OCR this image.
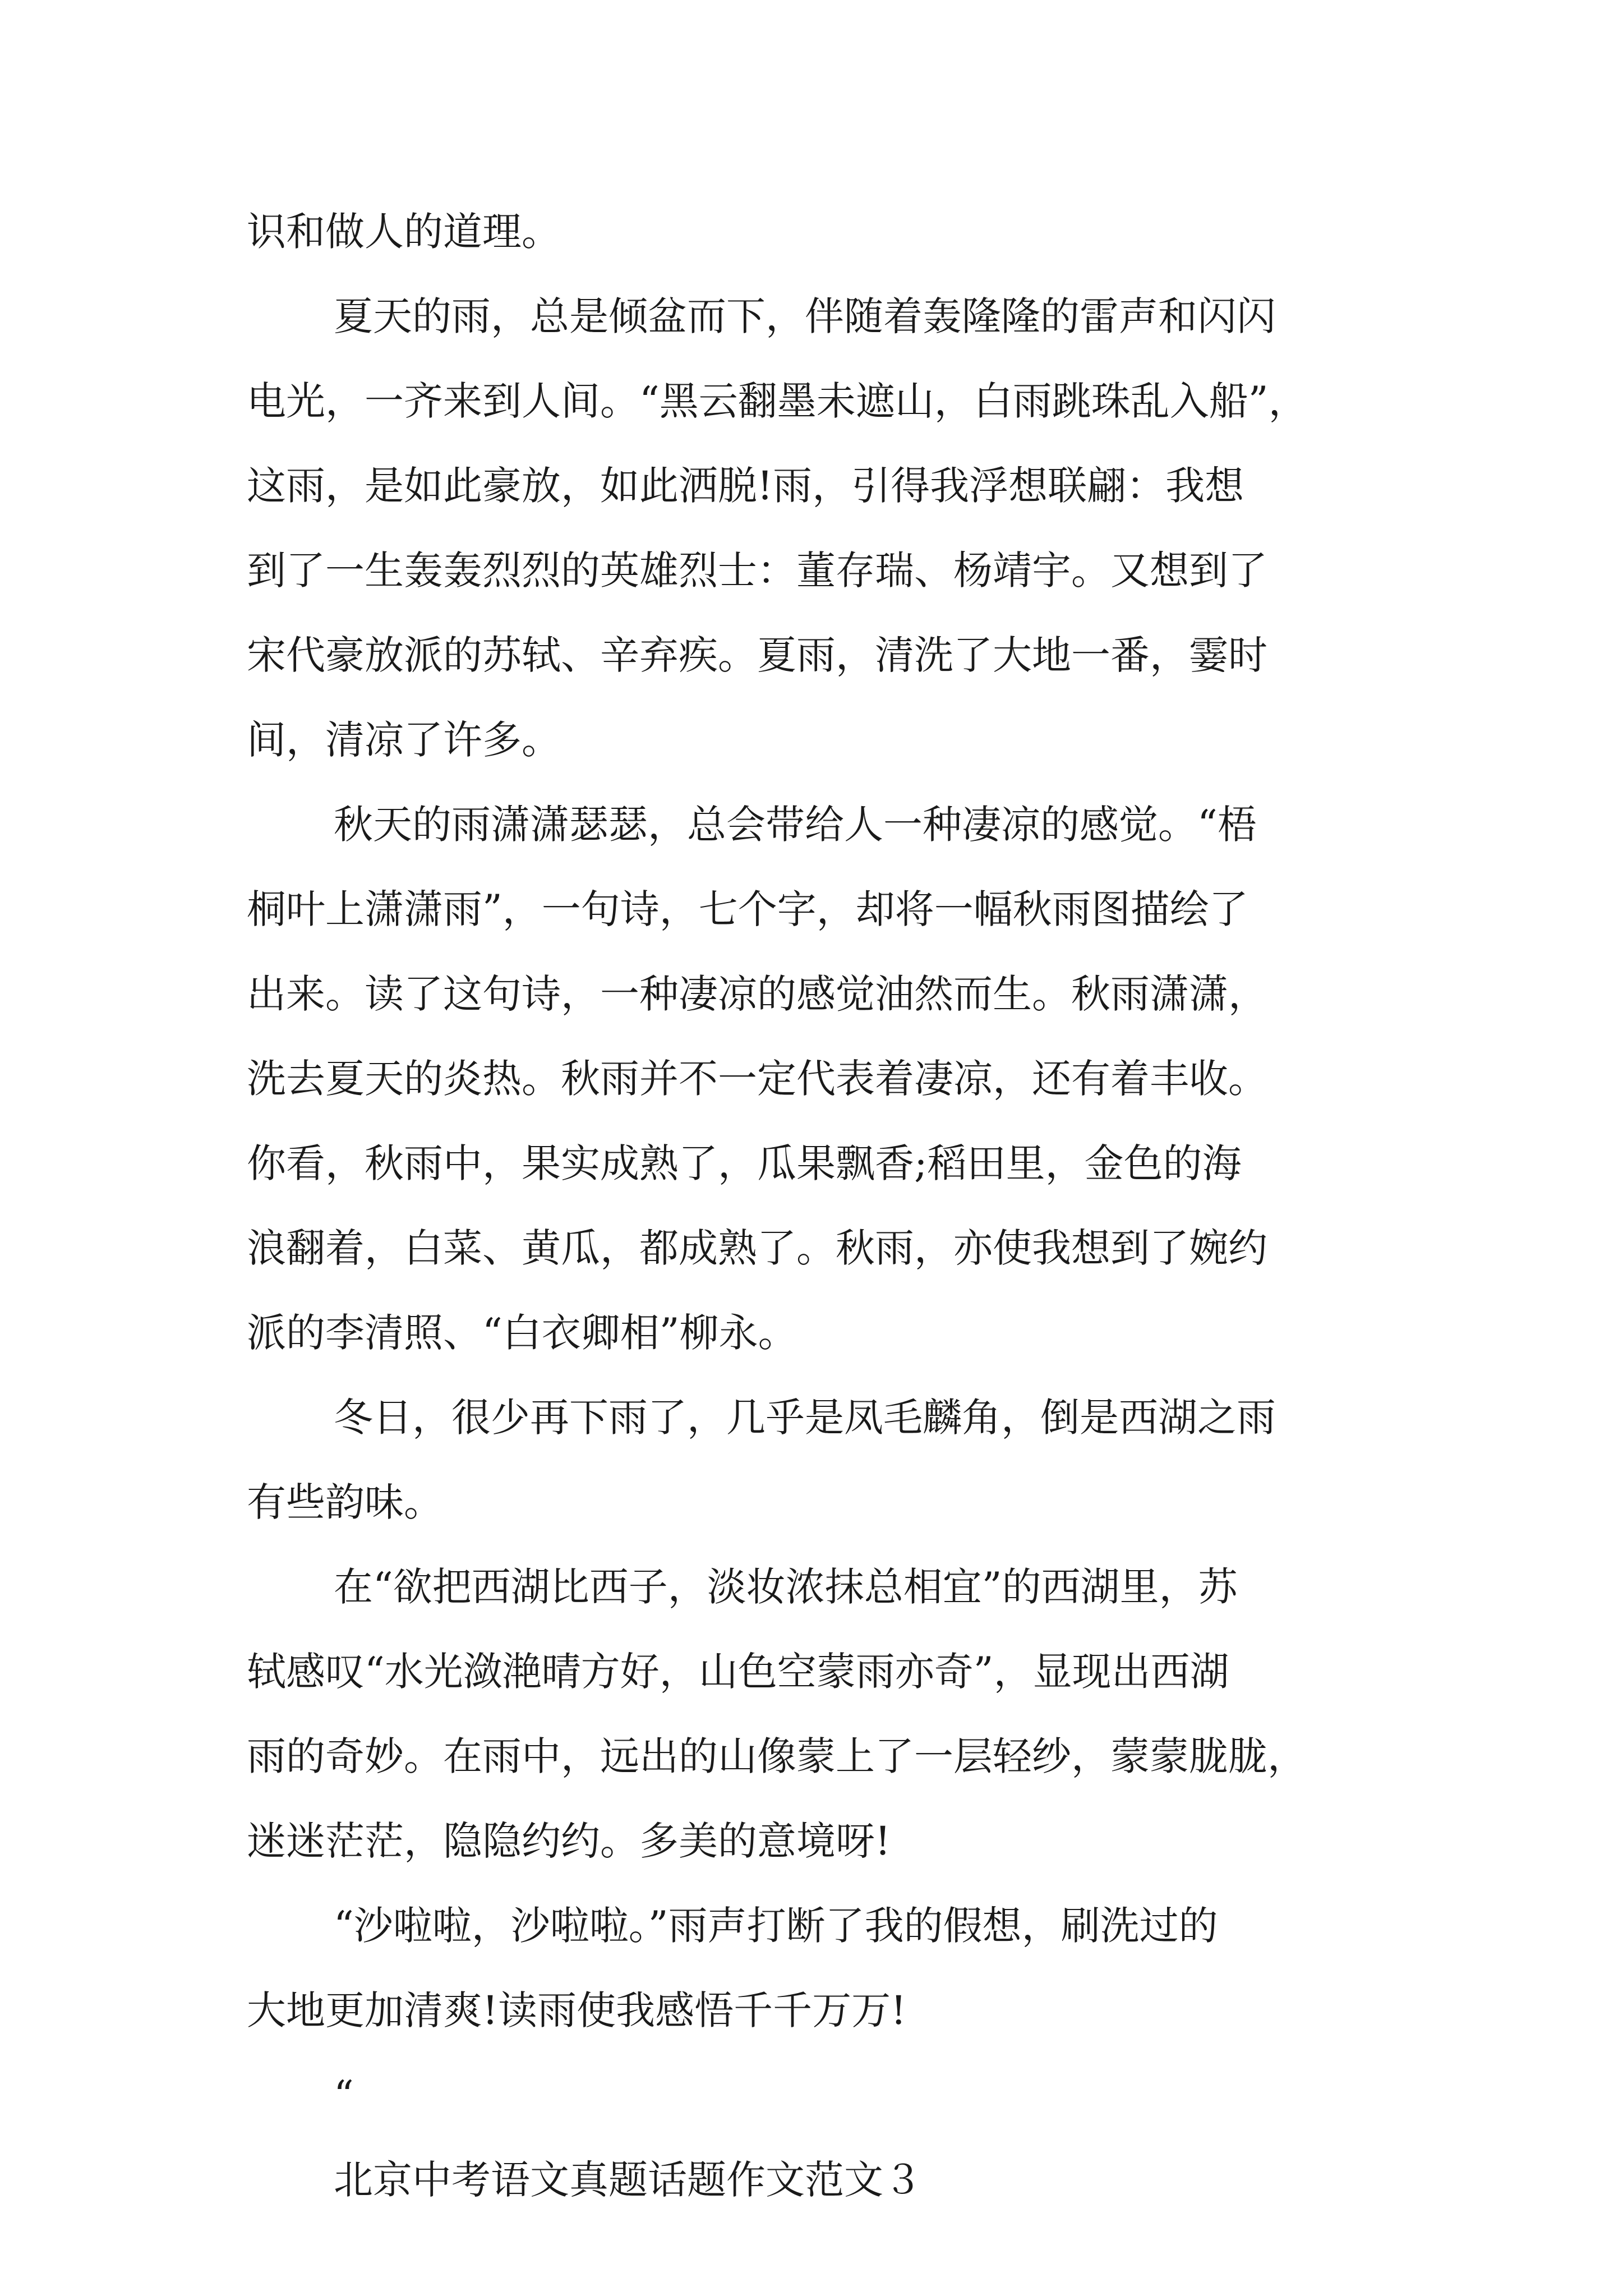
识和做人的道理。
夏天的雨，总是倾盆而下，伴随着轰隆隆的雷声和闪闪
电光，一齐来到人间。“黑云翻墨未遮山，白雨跳珠乱入船”，
这雨，是如此豪放，如此洒脱!雨，引得我浮想联翩：我想
到了一生轰轰烈烈的英雄烈士：董存瑞、杨靖宇。又想到了
宋代豪放派的苏轼、辛弃疾。夏雨，清洗了大地一番，霎时
间，清凉了许多。
秋天的雨潇潇瑟瑟，总会带给人一种凄凉的感觉。“梧
桐叶上潇潇雨”，一句诗，七个字，却将一幅秋雨图描绘了
出来。读了这句诗，一种凄凉的感觉油然而生。秋雨潇潇，
洗去夏天的炎热。秋雨并不一定代表着凄凉，还有着丰收。
你看，秋雨中，果实成熟了，瓜果飘香;稻田里，金色的海
浪翻着，白菜、黄瓜，都成熟了。秋雨，亦使我想到了婉约
派的李清照、“白衣卿相”柳永。
冬日，很少再下雨了，几乎是凤毛麟角，倒是西湖之雨
有些韵味。
在“欲把西湖比西子，淡妆浓抹总相宜”的西湖里，苏
轼感叹“水光潋滟晴方好，山色空蒙雨亦奇”，显现出西湖
雨的奇妙。在雨中，远出的山像蒙上了一层轻纱，蒙蒙胧胧，
迷迷茫茫，隐隐约约。多美的意境呀!
“沙啦啦，沙啦啦。”雨声打断了我的假想，刷洗过的
大地更加清爽!读雨使我感悟千千万万!
“
北京中考语文真题话题作文范文３
